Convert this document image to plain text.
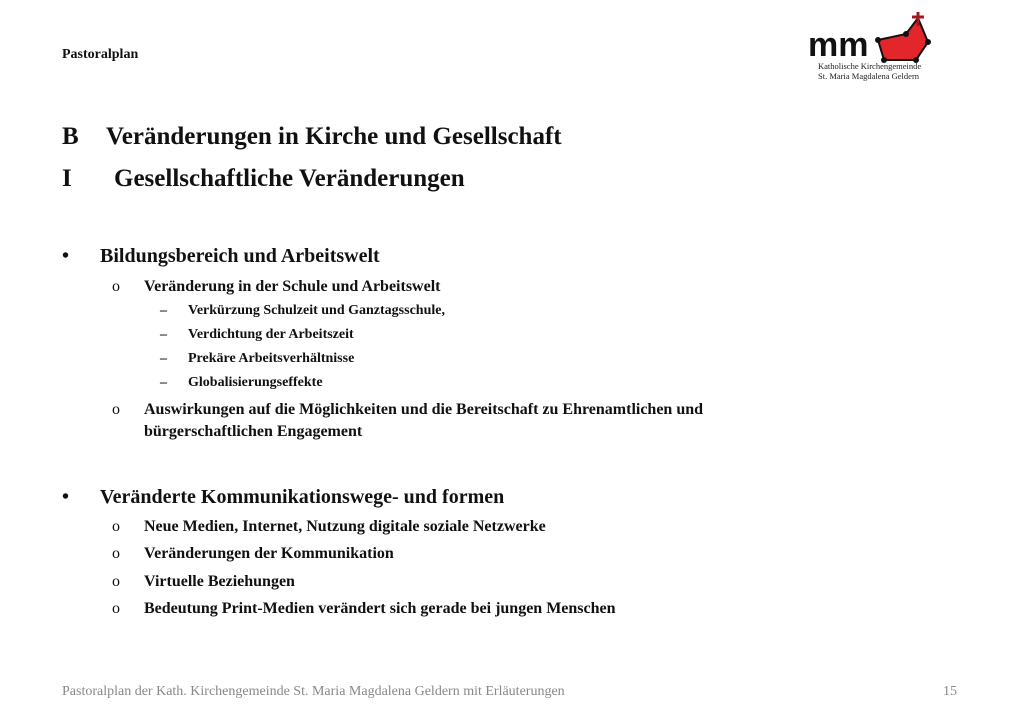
Pastoralplan	mm
Katholische Kirchengemeinde
St. Maria Magdalena Geldern
B Veränderungen in Kirche und Gesellschaft
I Gesellschaftliche Veränderungen
• Bildungsbereich und Arbeitswelt
o Veränderung in der Schule und Arbeitswelt
– Verkürzung Schulzeit und Ganztagsschule,
– Verdichtung der Arbeitszeit
– Prekäre Arbeitsverhältnisse
– Globalisierungseffekte
o Auswirkungen auf die Möglichkeiten und die Bereitschaft zu Ehrenamtlichen und
bürgerschaftlichen Engagement
• Veränderte Kommunikationswege- und formen
o Neue Medien, Internet, Nutzung digitale soziale Netzwerke
o Veränderungen der Kommunikation
o Virtuelle Beziehungen
o Bedeutung Print-Medien verändert sich gerade bei jungen Menschen
Pastoralplan der Kath. Kirchengemeinde St. Maria Magdalena Geldern mit Erläuterungen	15
